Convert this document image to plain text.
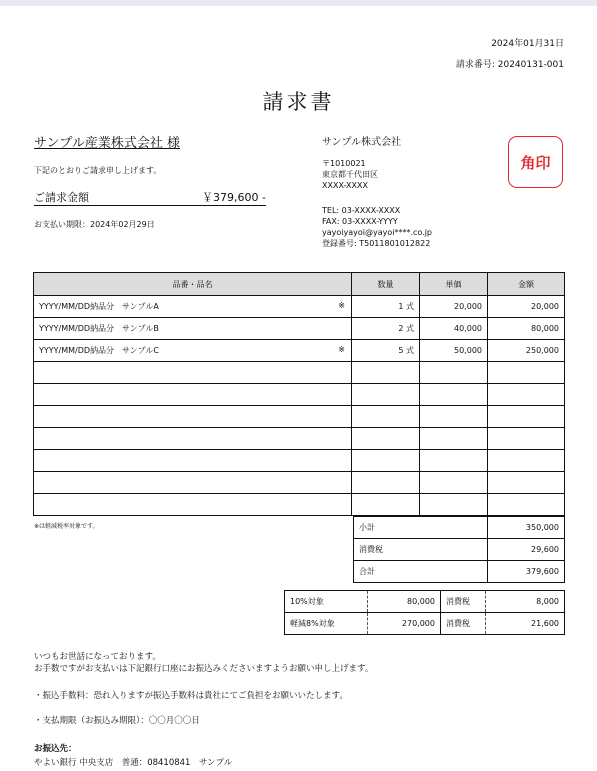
2024年01月31日
請求番号: 20240131-001
請求書
サンプル産業株式会社 様
下記のとおりご請求申し上げます。
ご請求金額	￥379,600 -
お支払い期限：2024年02月29日
サンプル株式会社
〒1010021
東京都千代田区
XXXX-XXXX
TEL: 03-XXXX-XXXX
FAX: 03-XXXX-YYYY
yayoiyayoi@yayoi****.co.jp
登録番号: T5011801012822
角印
品番・品名	数量	単価	金額
YYYY/MM/DD納品分　サンプルA ※	1 式	20,000	20,000
YYYY/MM/DD納品分　サンプルB	2 式	40,000	80,000
YYYY/MM/DD納品分　サンプルC ※	5 式	50,000	250,000

※は軽減税率対象です。	小計	350,000
消費税	29,600
合計	379,600
10%対象	80,000	消費税	8,000
軽減8%対象	270,000	消費税	21,600
いつもお世話になっております。
お手数ですがお支払いは下記銀行口座にお振込みくださいますようお願い申し上げます。
・振込手数料：恐れ入りますが振込手数料は貴社にてご負担をお願いいたします。
・支払期限（お振込み期限）：〇〇月〇〇日
お振込先：
やよい銀行 中央支店　普通：08410841　サンプル
